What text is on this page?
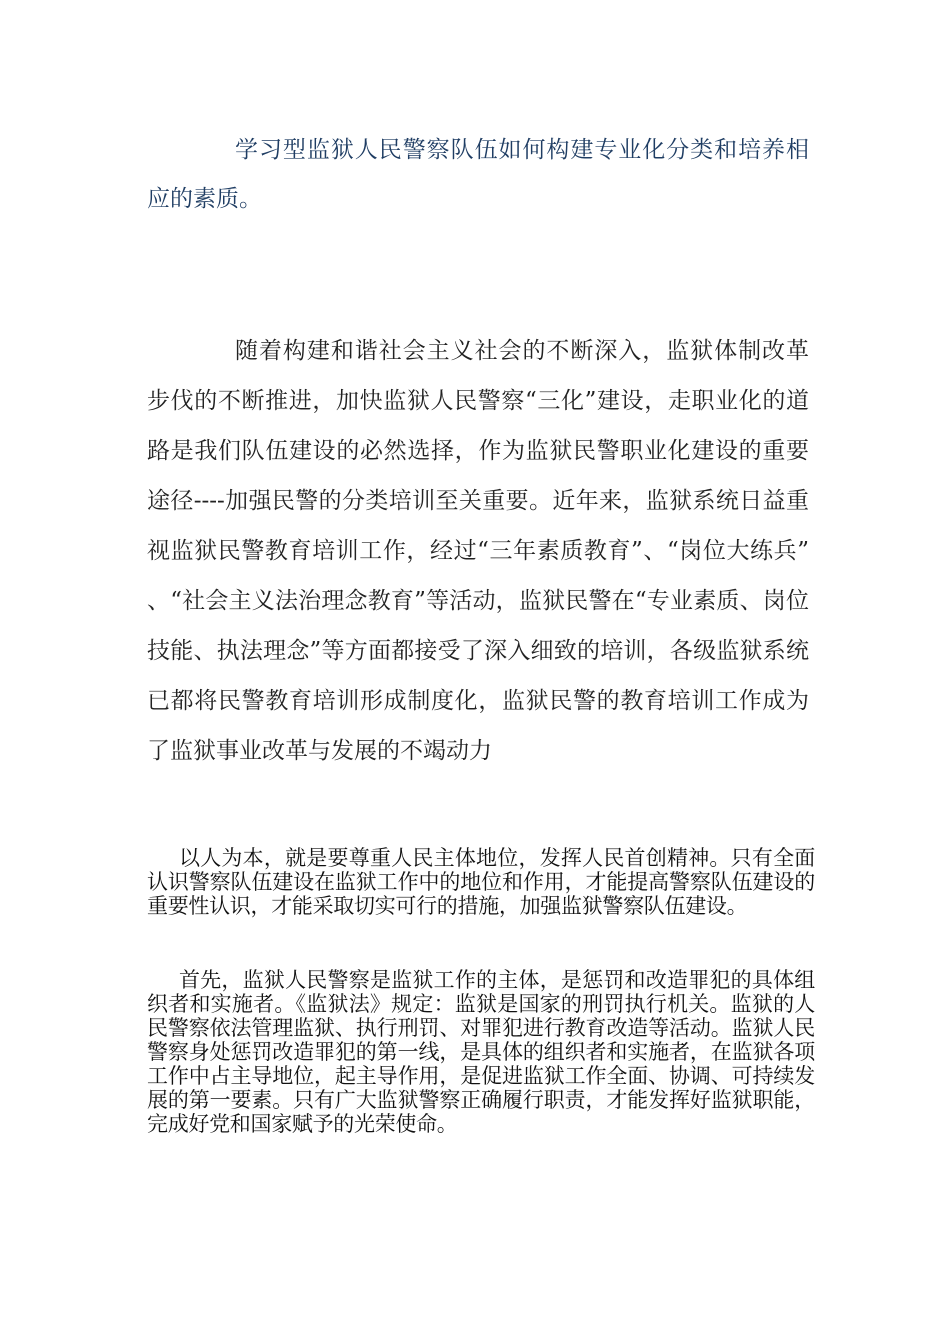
学习型监狱人民警察队伍如何构建专业化分类和培养相应的素质。

随着构建和谐社会主义社会的不断深入，监狱体制改革步伐的不断推进，加快监狱人民警察“三化”建设，走职业化的道路是我们队伍建设的必然选择，作为监狱民警职业化建设的重要途径----加强民警的分类培训至关重要。近年来，监狱系统日益重视监狱民警教育培训工作，经过“三年素质教育”、“岗位大练兵”、“社会主义法治理念教育”等活动，监狱民警在“专业素质、岗位技能、执法理念”等方面都接受了深入细致的培训，各级监狱系统已都将民警教育培训形成制度化，监狱民警的教育培训工作成为了监狱事业改革与发展的不竭动力

以人为本，就是要尊重人民主体地位，发挥人民首创精神。只有全面认识警察队伍建设在监狱工作中的地位和作用，才能提高警察队伍建设的重要性认识，才能采取切实可行的措施，加强监狱警察队伍建设。

首先，监狱人民警察是监狱工作的主体，是惩罚和改造罪犯的具体组织者和实施者。《监狱法》规定：监狱是国家的刑罚执行机关。监狱的人民警察依法管理监狱、执行刑罚、对罪犯进行教育改造等活动。监狱人民警察身处惩罚改造罪犯的第一线，是具体的组织者和实施者，在监狱各项工作中占主导地位，起主导作用，是促进监狱工作全面、协调、可持续发展的第一要素。只有广大监狱警察正确履行职责，才能发挥好监狱职能，完成好党和国家赋予的光荣使命。
